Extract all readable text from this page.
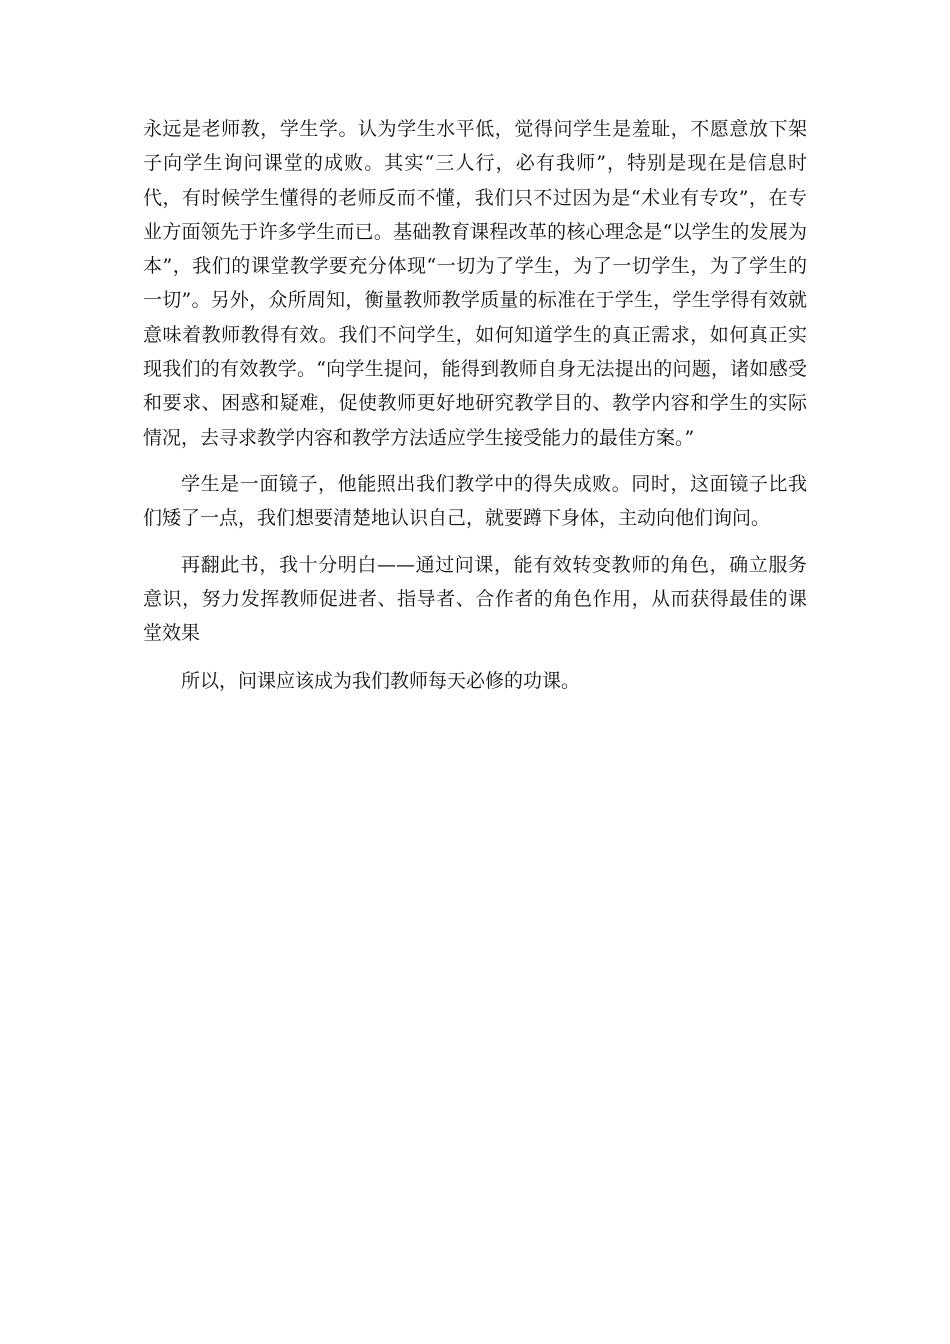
永远是老师教，学生学。认为学生水平低，觉得问学生是羞耻，不愿意放下架子向学生询问课堂的成败。其实“三人行，必有我师”，特别是现在是信息时代，有时候学生懂得的老师反而不懂，我们只不过因为是“术业有专攻”，在专业方面领先于许多学生而已。基础教育课程改革的核心理念是“以学生的发展为本”，我们的课堂教学要充分体现“一切为了学生，为了一切学生，为了学生的一切”。另外，众所周知，衡量教师教学质量的标准在于学生，学生学得有效就意味着教师教得有效。我们不问学生，如何知道学生的真正需求，如何真正实现我们的有效教学。“向学生提问，能得到教师自身无法提出的问题，诸如感受和要求、困惑和疑难，促使教师更好地研究教学目的、教学内容和学生的实际情况，去寻求教学内容和教学方法适应学生接受能力的最佳方案。”

学生是一面镜子，他能照出我们教学中的得失成败。同时，这面镜子比我们矮了一点，我们想要清楚地认识自己，就要蹲下身体，主动向他们询问。

再翻此书，我十分明白——通过问课，能有效转变教师的角色，确立服务意识，努力发挥教师促进者、指导者、合作者的角色作用，从而获得最佳的课堂效果

所以，问课应该成为我们教师每天必修的功课。
